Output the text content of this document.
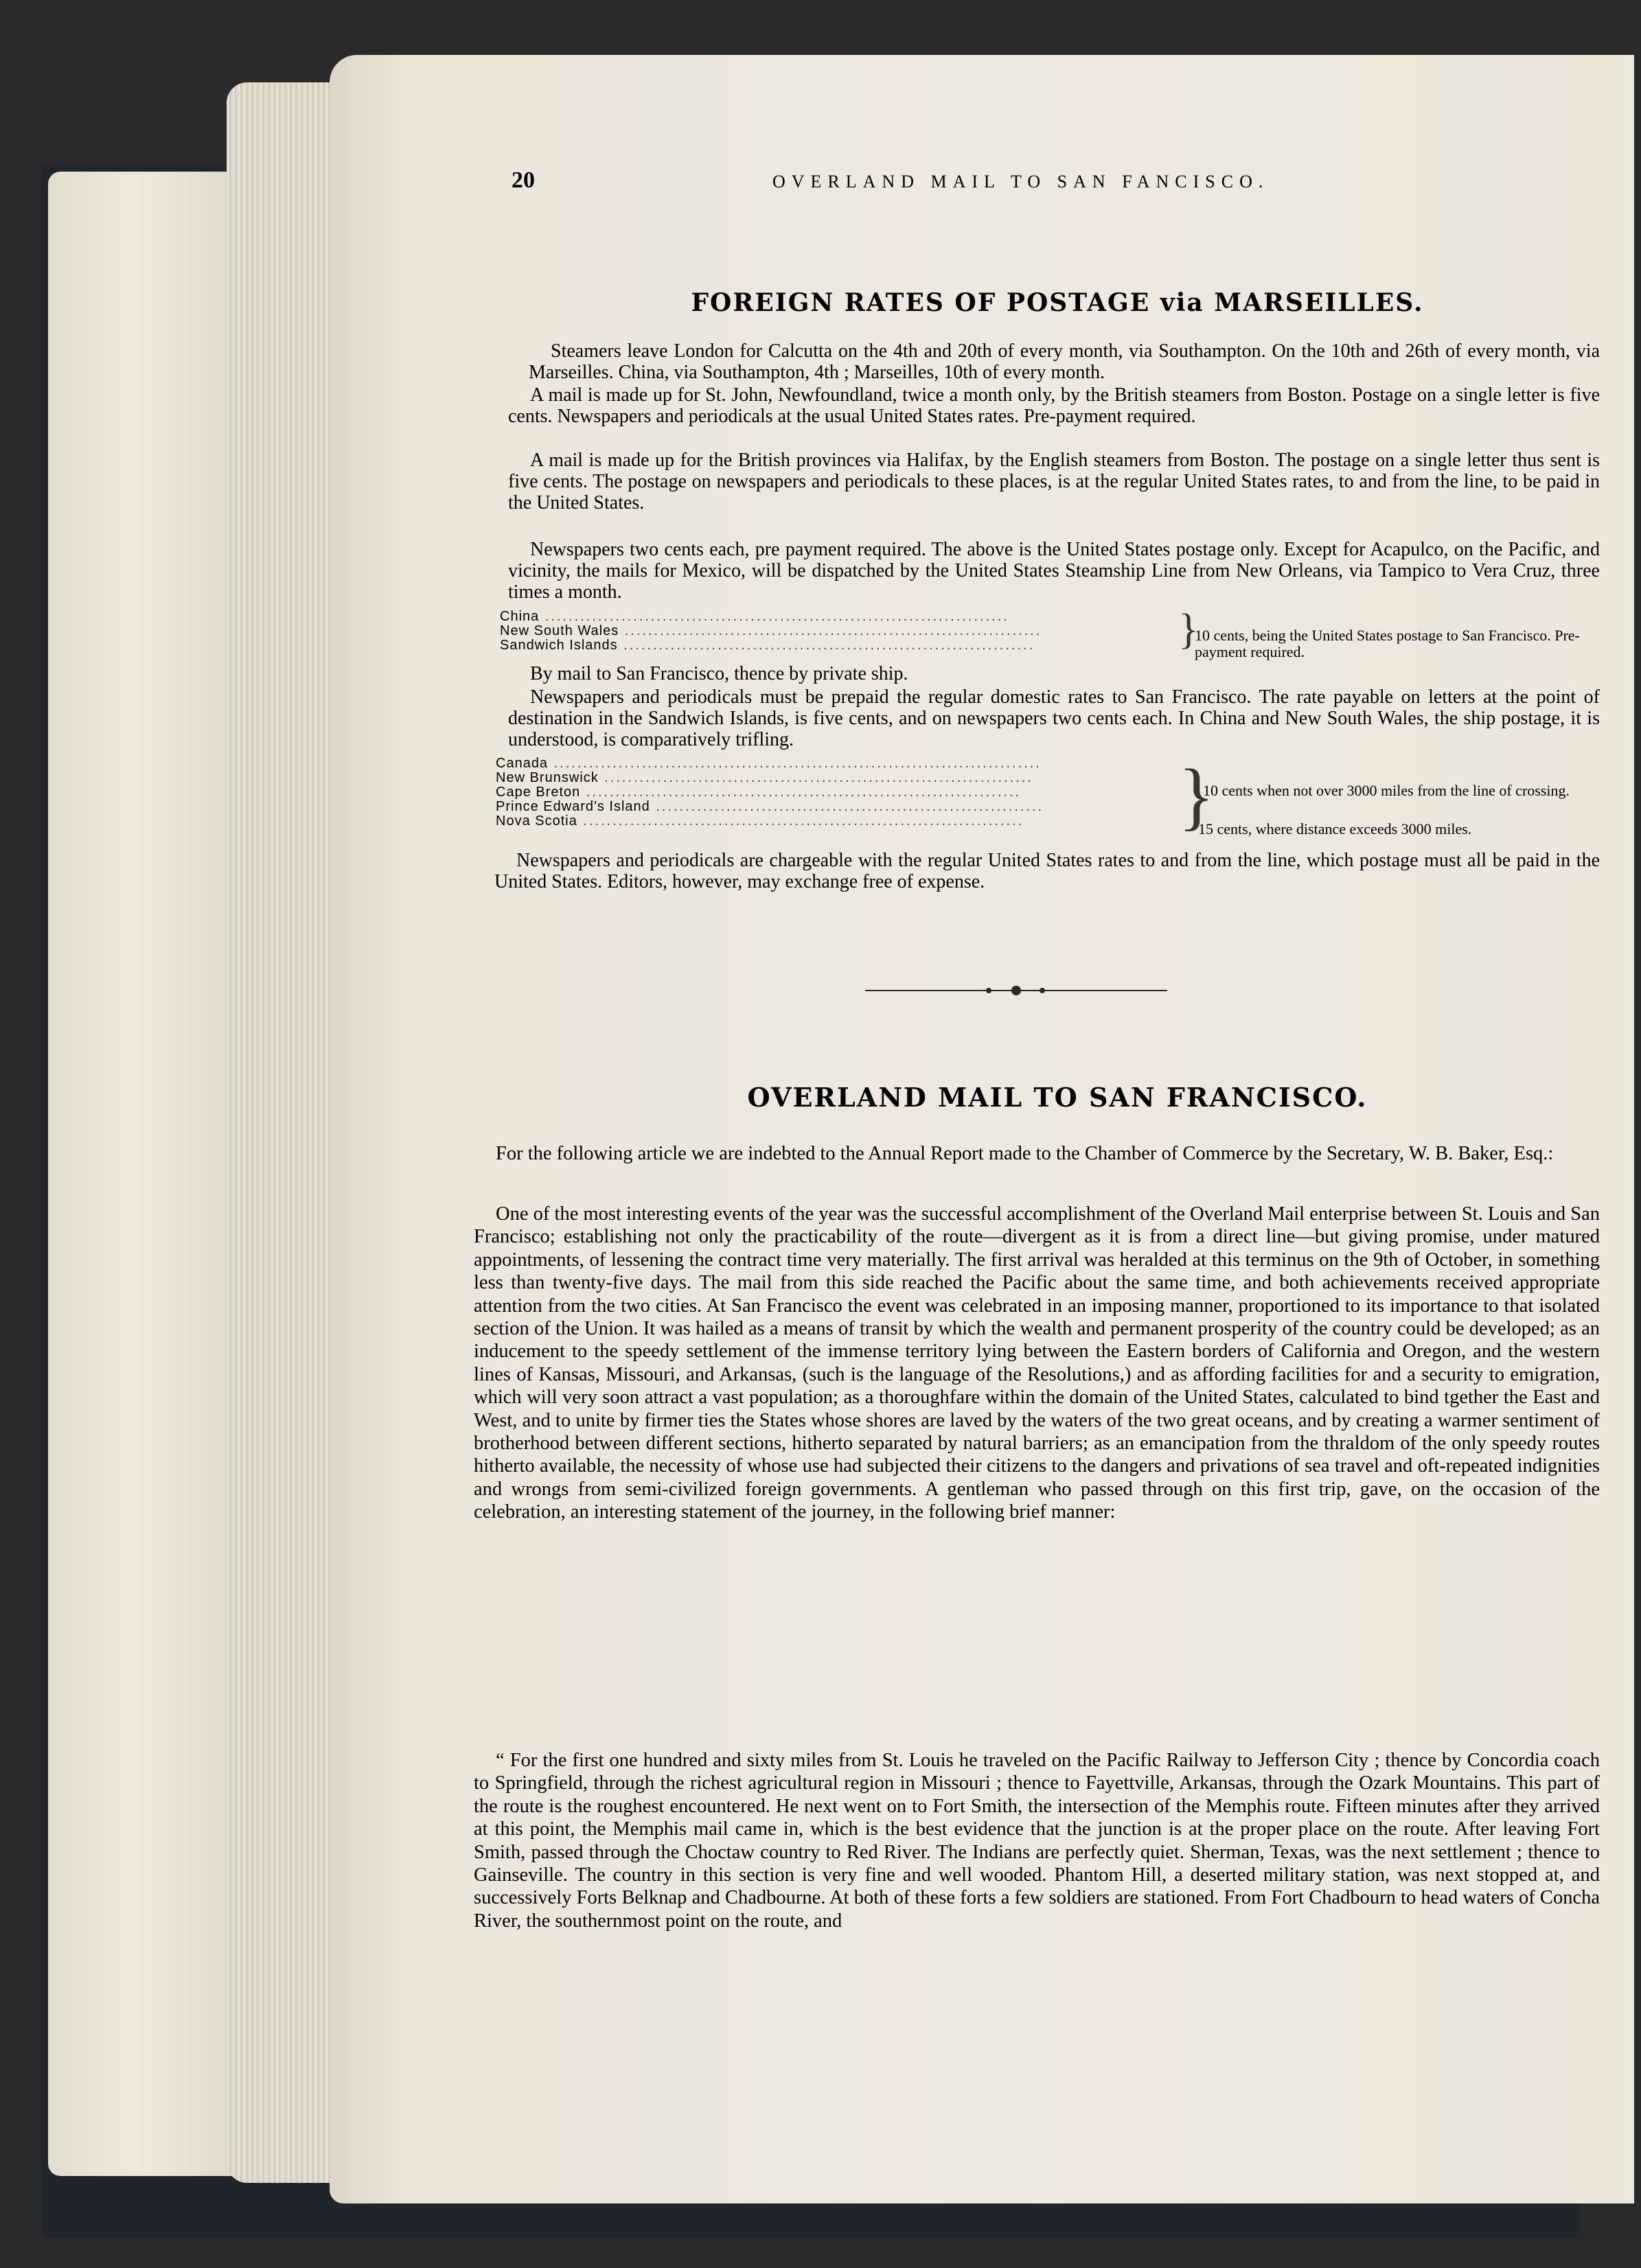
20	OVERLAND MAIL TO SAN FANCISCO.
FOREIGN RATES OF POSTAGE via MARSEILLES.

Steamers leave London for Calcutta on the 4th and 20th of every month, via Southampton. On the 10th and 26th of every month, via Marseilles. China, via Southampton, 4th ; Marseilles, 10th of every month.

A mail is made up for St. John, Newfoundland, twice a month only, by the British steamers from Boston. Postage on a single letter is five cents. Newspapers and periodicals at the usual United States rates. Pre-payment required.

A mail is made up for the British provinces via Halifax, by the English steamers from Boston. The postage on a single letter thus sent is five cents. The postage on newspapers and periodicals to these places, is at the regular United States rates, to and from the line, to be paid in the United States.

Newspapers two cents each, pre payment required. The above is the United States postage only. Except for Acapulco, on the Pacific, and vicinity, the mails for Mexico, will be dispatched by the United States Steamship Line from New Orleans, via Tampico to Vera Cruz, three times a month.

China ...............................................................................
New South Wales .......................................................................
Sandwich Islands ......................................................................	}
10 cents, being the United States postage to San Francisco. Pre-payment required.

By mail to San Francisco, thence by private ship.

Newspapers and periodicals must be prepaid the regular domestic rates to San Francisco. The rate payable on letters at the point of destination in the Sandwich Islands, is five cents, and on newspapers two cents each. In China and New South Wales, the ship postage, it is understood, is comparatively trifling.

Canada ...................................................................................
New Brunswick .........................................................................
Cape Breton ..........................................................................
Prince Edward's Island ..................................................................
Nova Scotia ...........................................................................	}
10 cents when not over 3000 miles from the line of crossing.
15 cents, where distance exceeds 3000 miles.

Newspapers and periodicals are chargeable with the regular United States rates to and from the line, which postage must all be paid in the United States. Editors, however, may exchange free of expense.

OVERLAND MAIL TO SAN FRANCISCO.

For the following article we are indebted to the Annual Report made to the Chamber of Commerce by the Secretary, W. B. Baker, Esq.:

One of the most interesting events of the year was the successful accomplishment of the Overland Mail enterprise between St. Louis and San Francisco; establishing not only the practicability of the route—divergent as it is from a direct line—but giving promise, under matured appointments, of lessening the contract time very materially. The first arrival was heralded at this terminus on the 9th of October, in something less than twenty-five days. The mail from this side reached the Pacific about the same time, and both achievements received appropriate attention from the two cities. At San Francisco the event was celebrated in an imposing manner, proportioned to its importance to that isolated section of the Union. It was hailed as a means of transit by which the wealth and permanent prosperity of the country could be developed; as an inducement to the speedy settlement of the immense territory lying between the Eastern borders of California and Oregon, and the western lines of Kansas, Missouri, and Arkansas, (such is the language of the Resolutions,) and as affording facilities for and a security to emigration, which will very soon attract a vast population; as a thoroughfare within the domain of the United States, calculated to bind tgether the East and West, and to unite by firmer ties the States whose shores are laved by the waters of the two great oceans, and by creating a warmer sentiment of brotherhood between different sections, hitherto separated by natural barriers; as an emancipation from the thraldom of the only speedy routes hitherto available, the necessity of whose use had subjected their citizens to the dangers and privations of sea travel and oft-repeated indignities and wrongs from semi-civilized foreign governments. A gentleman who passed through on this first trip, gave, on the occasion of the celebration, an interesting statement of the journey, in the following brief manner:

“ For the first one hundred and sixty miles from St. Louis he traveled on the Pacific Railway to Jefferson City ; thence by Concordia coach to Springfield, through the richest agricultural region in Missouri ; thence to Fayettville, Arkansas, through the Ozark Mountains. This part of the route is the roughest encountered. He next went on to Fort Smith, the intersection of the Memphis route. Fifteen minutes after they arrived at this point, the Memphis mail came in, which is the best evidence that the junction is at the proper place on the route. After leaving Fort Smith, passed through the Choctaw country to Red River. The Indians are perfectly quiet. Sherman, Texas, was the next settlement ; thence to Gainseville. The country in this section is very fine and well wooded. Phantom Hill, a deserted military station, was next stopped at, and successively Forts Belknap and Chadbourne. At both of these forts a few soldiers are stationed. From Fort Chadbourn to head waters of Concha River, the southernmost point on the route, and
